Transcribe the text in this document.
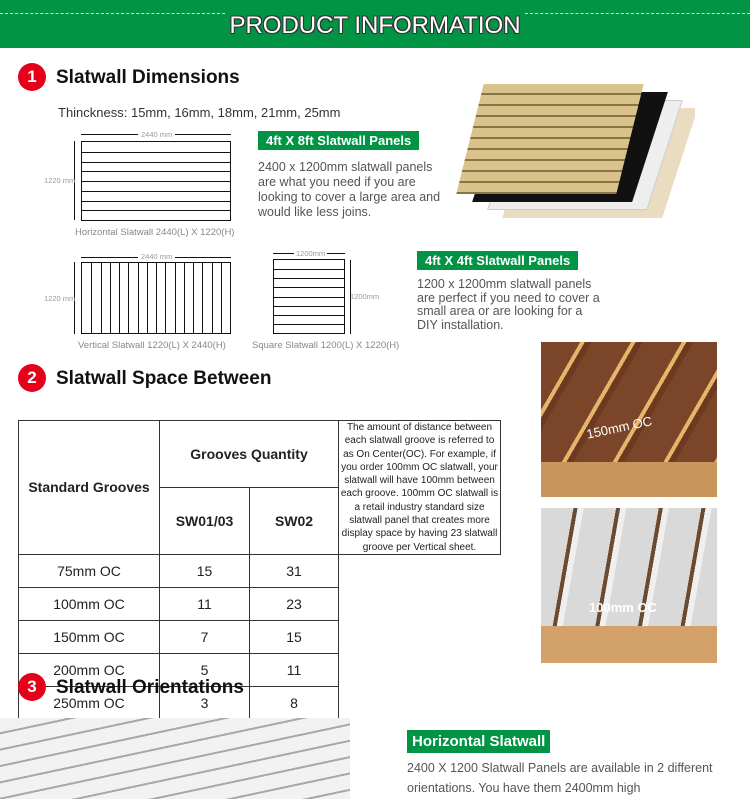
PRODUCT INFORMATION
1	Slatwall Dimensions
Thinckness: 15mm, 16mm, 18mm, 21mm, 25mm
2440 mm
1220 mm
Horizontal Slatwall 2440(L) X 1220(H)
2440 mm
1220 mm
Vertical Slatwall 1220(L) X 2440(H)
1200mm
1200mm
Square Slatwall 1200(L) X 1220(H)
4ft X 8ft Slatwall Panels
2400 x 1200mm slatwall panels are what you need if you are looking to cover a large area and would like less joins.
4ft X 4ft Slatwall Panels
1200 x 1200mm slatwall panels are perfect if you need to cover a small area or are looking for a DIY installation.
2	Slatwall Space Between
Standard Grooves	Grooves Quantity		The amount of distance between each slatwall groove is referred to as On Center(OC). For example, if you order 100mm OC slatwall, your slatwall will have 100mm between each groove. 100mm OC slatwall is a retail industry standard size slatwall panel that creates more display space by having 23 slatwall groove per Vertical sheet.
	SW01/03	SW02	
75mm OC	15	31	
100mm OC	11	23	
150mm OC	7	15	
200mm OC	5	11	
250mm OC	3	8	
150mm OC
100mm OC
3	Slatwall Orientations
Horizontal Slatwall
2400 X 1200 Slatwall Panels are available in 2 different orientations. You have them 2400mm high
